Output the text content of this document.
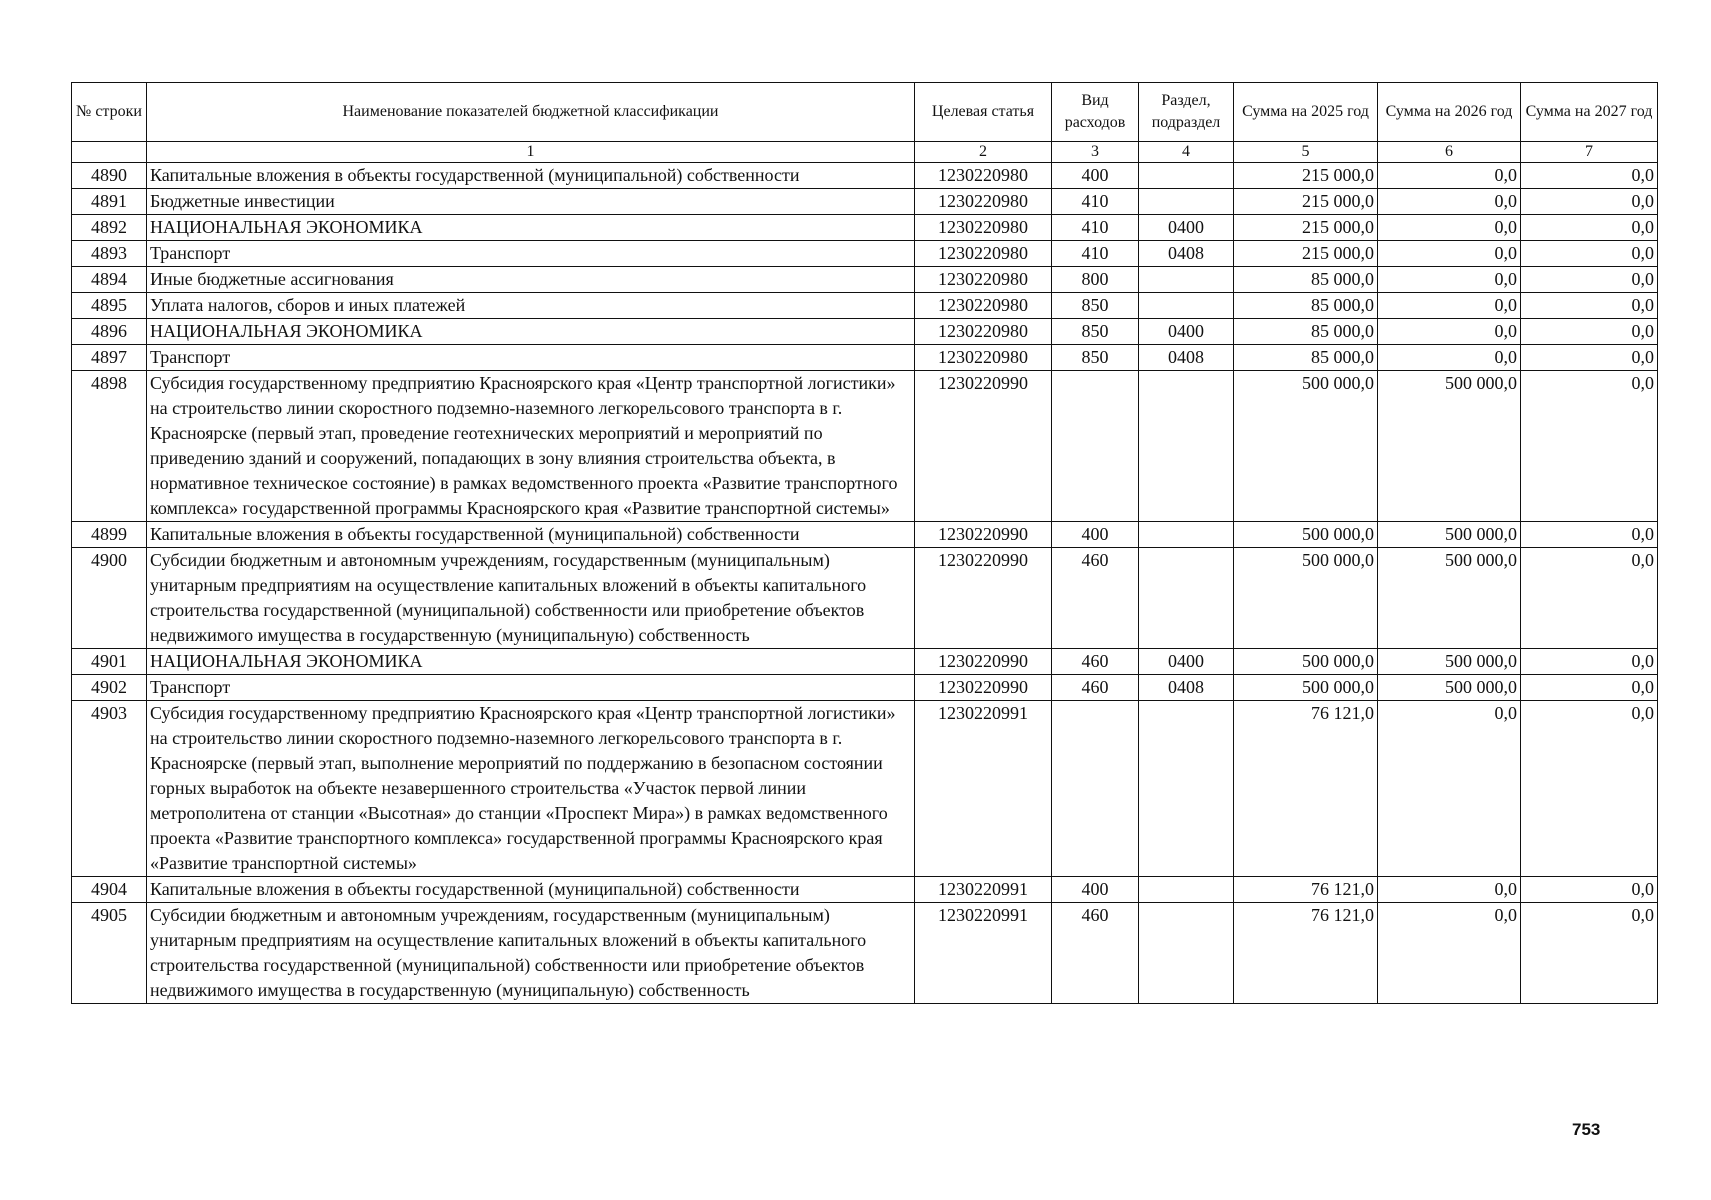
№ строки	Наименование показателей бюджетной классификации	Целевая статья	Вид расходов	Раздел, подраздел	Сумма на 2025 год	Сумма на 2026 год	Сумма на 2027 год
	1	2	3	4	5	6	7
4890	Капитальные вложения в объекты государственной (муниципальной) собственности	1230220980	400		215 000,0	0,0	0,0
4891	Бюджетные инвестиции	1230220980	410		215 000,0	0,0	0,0
4892	НАЦИОНАЛЬНАЯ ЭКОНОМИКА	1230220980	410	0400	215 000,0	0,0	0,0
4893	Транспорт	1230220980	410	0408	215 000,0	0,0	0,0
4894	Иные бюджетные ассигнования	1230220980	800		85 000,0	0,0	0,0
4895	Уплата налогов, сборов и иных платежей	1230220980	850		85 000,0	0,0	0,0
4896	НАЦИОНАЛЬНАЯ ЭКОНОМИКА	1230220980	850	0400	85 000,0	0,0	0,0
4897	Транспорт	1230220980	850	0408	85 000,0	0,0	0,0
4898	Субсидия государственному предприятию Красноярского края «Центр транспортной логистики» на строительство линии скоростного подземно-наземного легкорельсового транспорта в г. Красноярске (первый этап, проведение геотехнических мероприятий и мероприятий по приведению зданий и сооружений, попадающих в зону влияния строительства объекта, в нормативное техническое состояние) в рамках ведомственного проекта «Развитие транспортного комплекса» государственной программы Красноярского края «Развитие транспортной системы»	1230220990			500 000,0	500 000,0	0,0
4899	Капитальные вложения в объекты государственной (муниципальной) собственности	1230220990	400		500 000,0	500 000,0	0,0
4900	Субсидии бюджетным и автономным учреждениям, государственным (муниципальным) унитарным предприятиям на осуществление капитальных вложений в объекты капитального строительства государственной (муниципальной) собственности или приобретение объектов недвижимого имущества в государственную (муниципальную) собственность	1230220990	460		500 000,0	500 000,0	0,0
4901	НАЦИОНАЛЬНАЯ ЭКОНОМИКА	1230220990	460	0400	500 000,0	500 000,0	0,0
4902	Транспорт	1230220990	460	0408	500 000,0	500 000,0	0,0
4903	Субсидия государственному предприятию Красноярского края «Центр транспортной логистики» на строительство линии скоростного подземно-наземного легкорельсового транспорта в г. Красноярске (первый этап, выполнение мероприятий по поддержанию в безопасном состоянии горных выработок на объекте незавершенного строительства «Участок первой линии метрополитена от станции «Высотная» до станции «Проспект Мира») в рамках ведомственного проекта «Развитие транспортного комплекса» государственной программы Красноярского края «Развитие транспортной системы»	1230220991			76 121,0	0,0	0,0
4904	Капитальные вложения в объекты государственной (муниципальной) собственности	1230220991	400		76 121,0	0,0	0,0
4905	Субсидии бюджетным и автономным учреждениям, государственным (муниципальным) унитарным предприятиям на осуществление капитальных вложений в объекты капитального строительства государственной (муниципальной) собственности или приобретение объектов недвижимого имущества в государственную (муниципальную) собственность	1230220991	460		76 121,0	0,0	0,0
753
